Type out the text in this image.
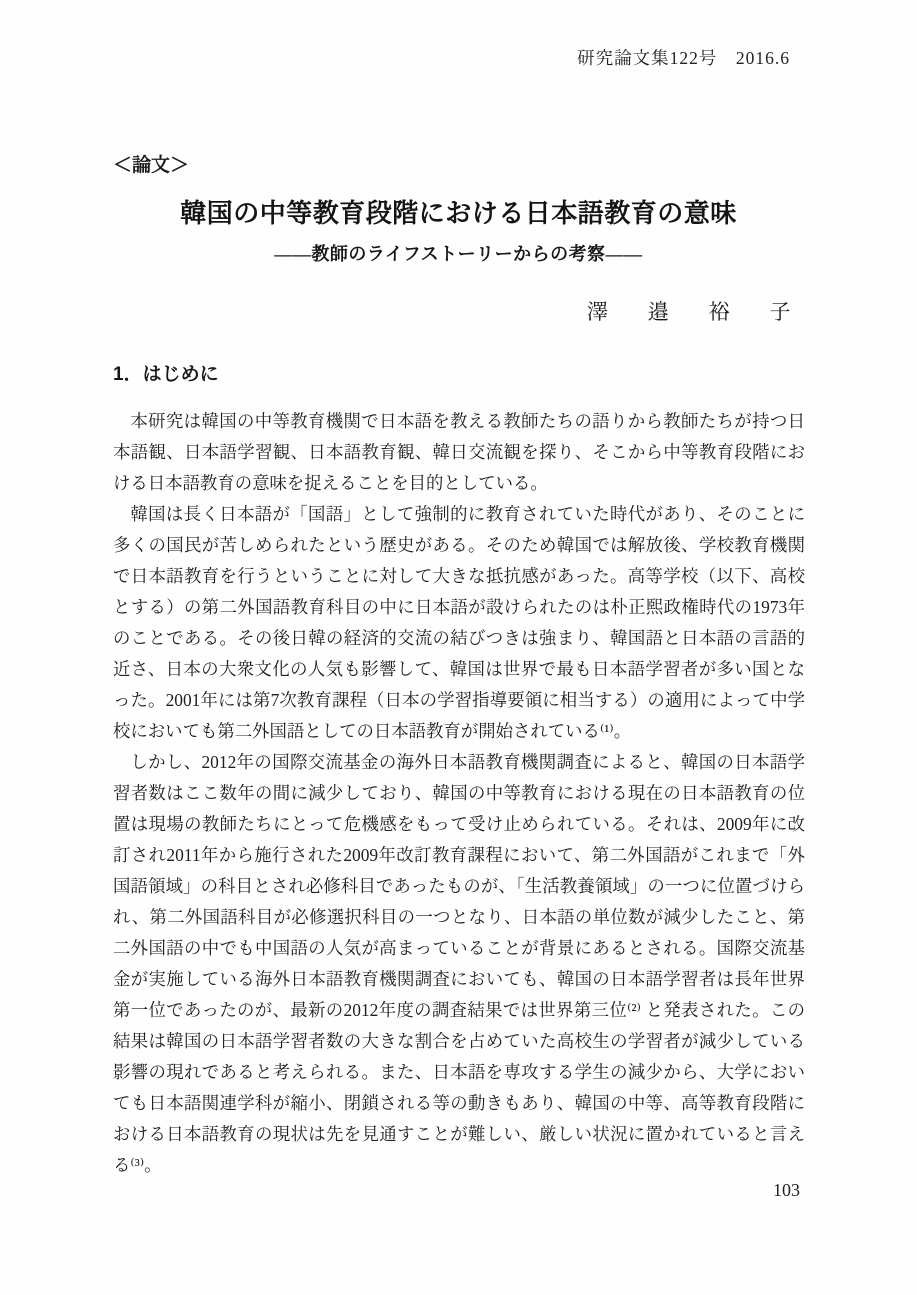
研究論文集122号　2016.6
＜論文＞
韓国の中等教育段階における日本語教育の意味
――教師のライフストーリーからの考察――
澤　邉　裕　子
1．はじめに

本研究は韓国の中等教育機関で日本語を教える教師たちの語りから教師たちが持つ日本語観、日本語学習観、日本語教育観、韓日交流観を探り、そこから中等教育段階における日本語教育の意味を捉えることを目的としている。

韓国は長く日本語が「国語」として強制的に教育されていた時代があり、そのことに多くの国民が苦しめられたという歴史がある。そのため韓国では解放後、学校教育機関で日本語教育を行うということに対して大きな抵抗感があった。高等学校（以下、高校とする）の第二外国語教育科目の中に日本語が設けられたのは朴正煕政権時代の1973年のことである。その後日韓の経済的交流の結びつきは強まり、韓国語と日本語の言語的近さ、日本の大衆文化の人気も影響して、韓国は世界で最も日本語学習者が多い国となった。2001年には第7次教育課程（日本の学習指導要領に相当する）の適用によって中学校においても第二外国語としての日本語教育が開始されている⁽¹⁾。

しかし、2012年の国際交流基金の海外日本語教育機関調査によると、韓国の日本語学習者数はここ数年の間に減少しており、韓国の中等教育における現在の日本語教育の位置は現場の教師たちにとって危機感をもって受け止められている。それは、2009年に改訂され2011年から施行された2009年改訂教育課程において、第二外国語がこれまで「外国語領域」の科目とされ必修科目であったものが、「生活教養領域」の一つに位置づけられ、第二外国語科目が必修選択科目の一つとなり、日本語の単位数が減少したこと、第二外国語の中でも中国語の人気が高まっていることが背景にあるとされる。国際交流基金が実施している海外日本語教育機関調査においても、韓国の日本語学習者は長年世界第一位であったのが、最新の2012年度の調査結果では世界第三位⁽²⁾ と発表された。この結果は韓国の日本語学習者数の大きな割合を占めていた高校生の学習者が減少している影響の現れであると考えられる。また、日本語を専攻する学生の減少から、大学においても日本語関連学科が縮小、閉鎖される等の動きもあり、韓国の中等、高等教育段階における日本語教育の現状は先を見通すことが難しい、厳しい状況に置かれていると言える⁽³⁾。

103
